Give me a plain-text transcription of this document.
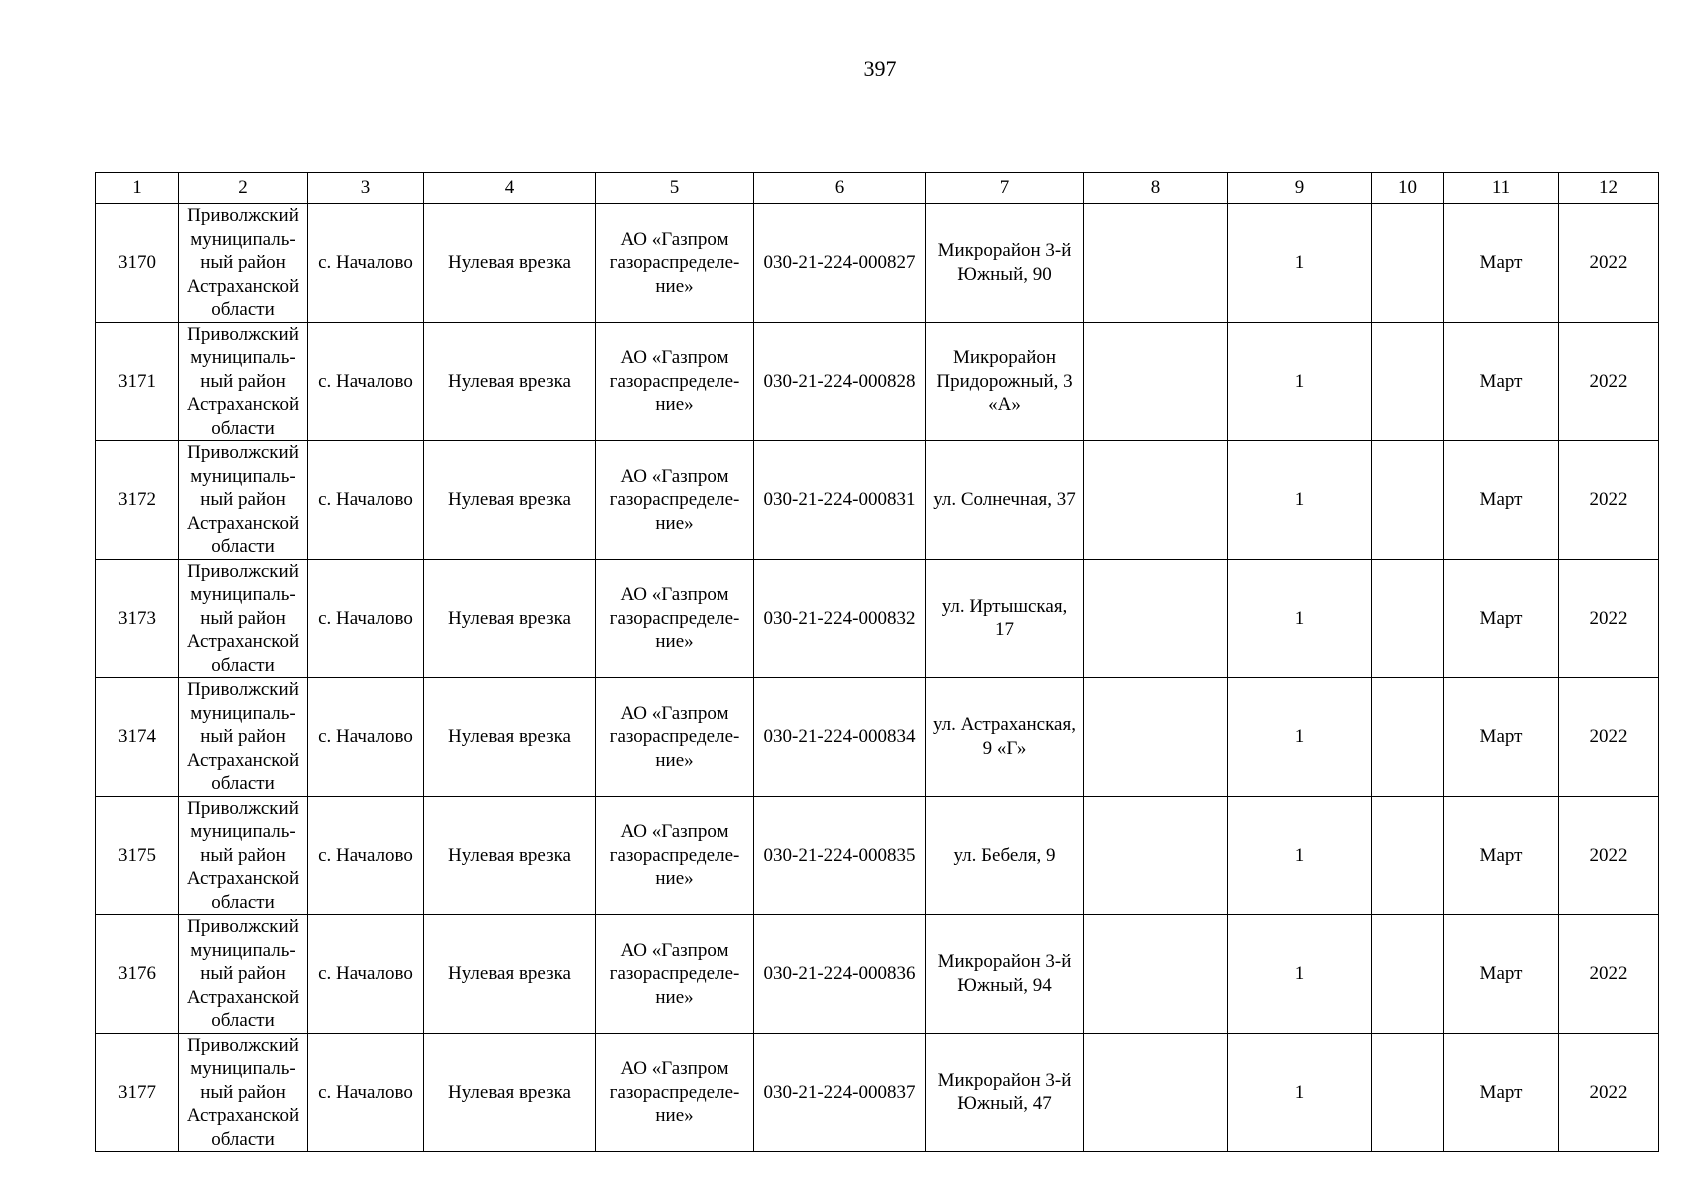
397
1	2	3	4	5	6	7	8	9	10	11	12
3170	Приволжский
муниципаль-
ный район
Астраханской
области	с. Началово	Нулевая врезка	АО «Газпром
газораспределе-
ние»	030-21-224-000827	Микрорайон 3-й
Южный, 90		1		Март	2022
3171	Приволжский
муниципаль-
ный район
Астраханской
области	с. Началово	Нулевая врезка	АО «Газпром
газораспределе-
ние»	030-21-224-000828	Микрорайон
Придорожный, 3
«А»		1		Март	2022
3172	Приволжский
муниципаль-
ный район
Астраханской
области	с. Началово	Нулевая врезка	АО «Газпром
газораспределе-
ние»	030-21-224-000831	ул. Солнечная, 37		1		Март	2022
3173	Приволжский
муниципаль-
ный район
Астраханской
области	с. Началово	Нулевая врезка	АО «Газпром
газораспределе-
ние»	030-21-224-000832	ул. Иртышская,
17		1		Март	2022
3174	Приволжский
муниципаль-
ный район
Астраханской
области	с. Началово	Нулевая врезка	АО «Газпром
газораспределе-
ние»	030-21-224-000834	ул. Астраханская,
9 «Г»		1		Март	2022
3175	Приволжский
муниципаль-
ный район
Астраханской
области	с. Началово	Нулевая врезка	АО «Газпром
газораспределе-
ние»	030-21-224-000835	ул. Бебеля, 9		1		Март	2022
3176	Приволжский
муниципаль-
ный район
Астраханской
области	с. Началово	Нулевая врезка	АО «Газпром
газораспределе-
ние»	030-21-224-000836	Микрорайон 3-й
Южный, 94		1		Март	2022
3177	Приволжский
муниципаль-
ный район
Астраханской
области	с. Началово	Нулевая врезка	АО «Газпром
газораспределе-
ние»	030-21-224-000837	Микрорайон 3-й
Южный, 47		1		Март	2022
